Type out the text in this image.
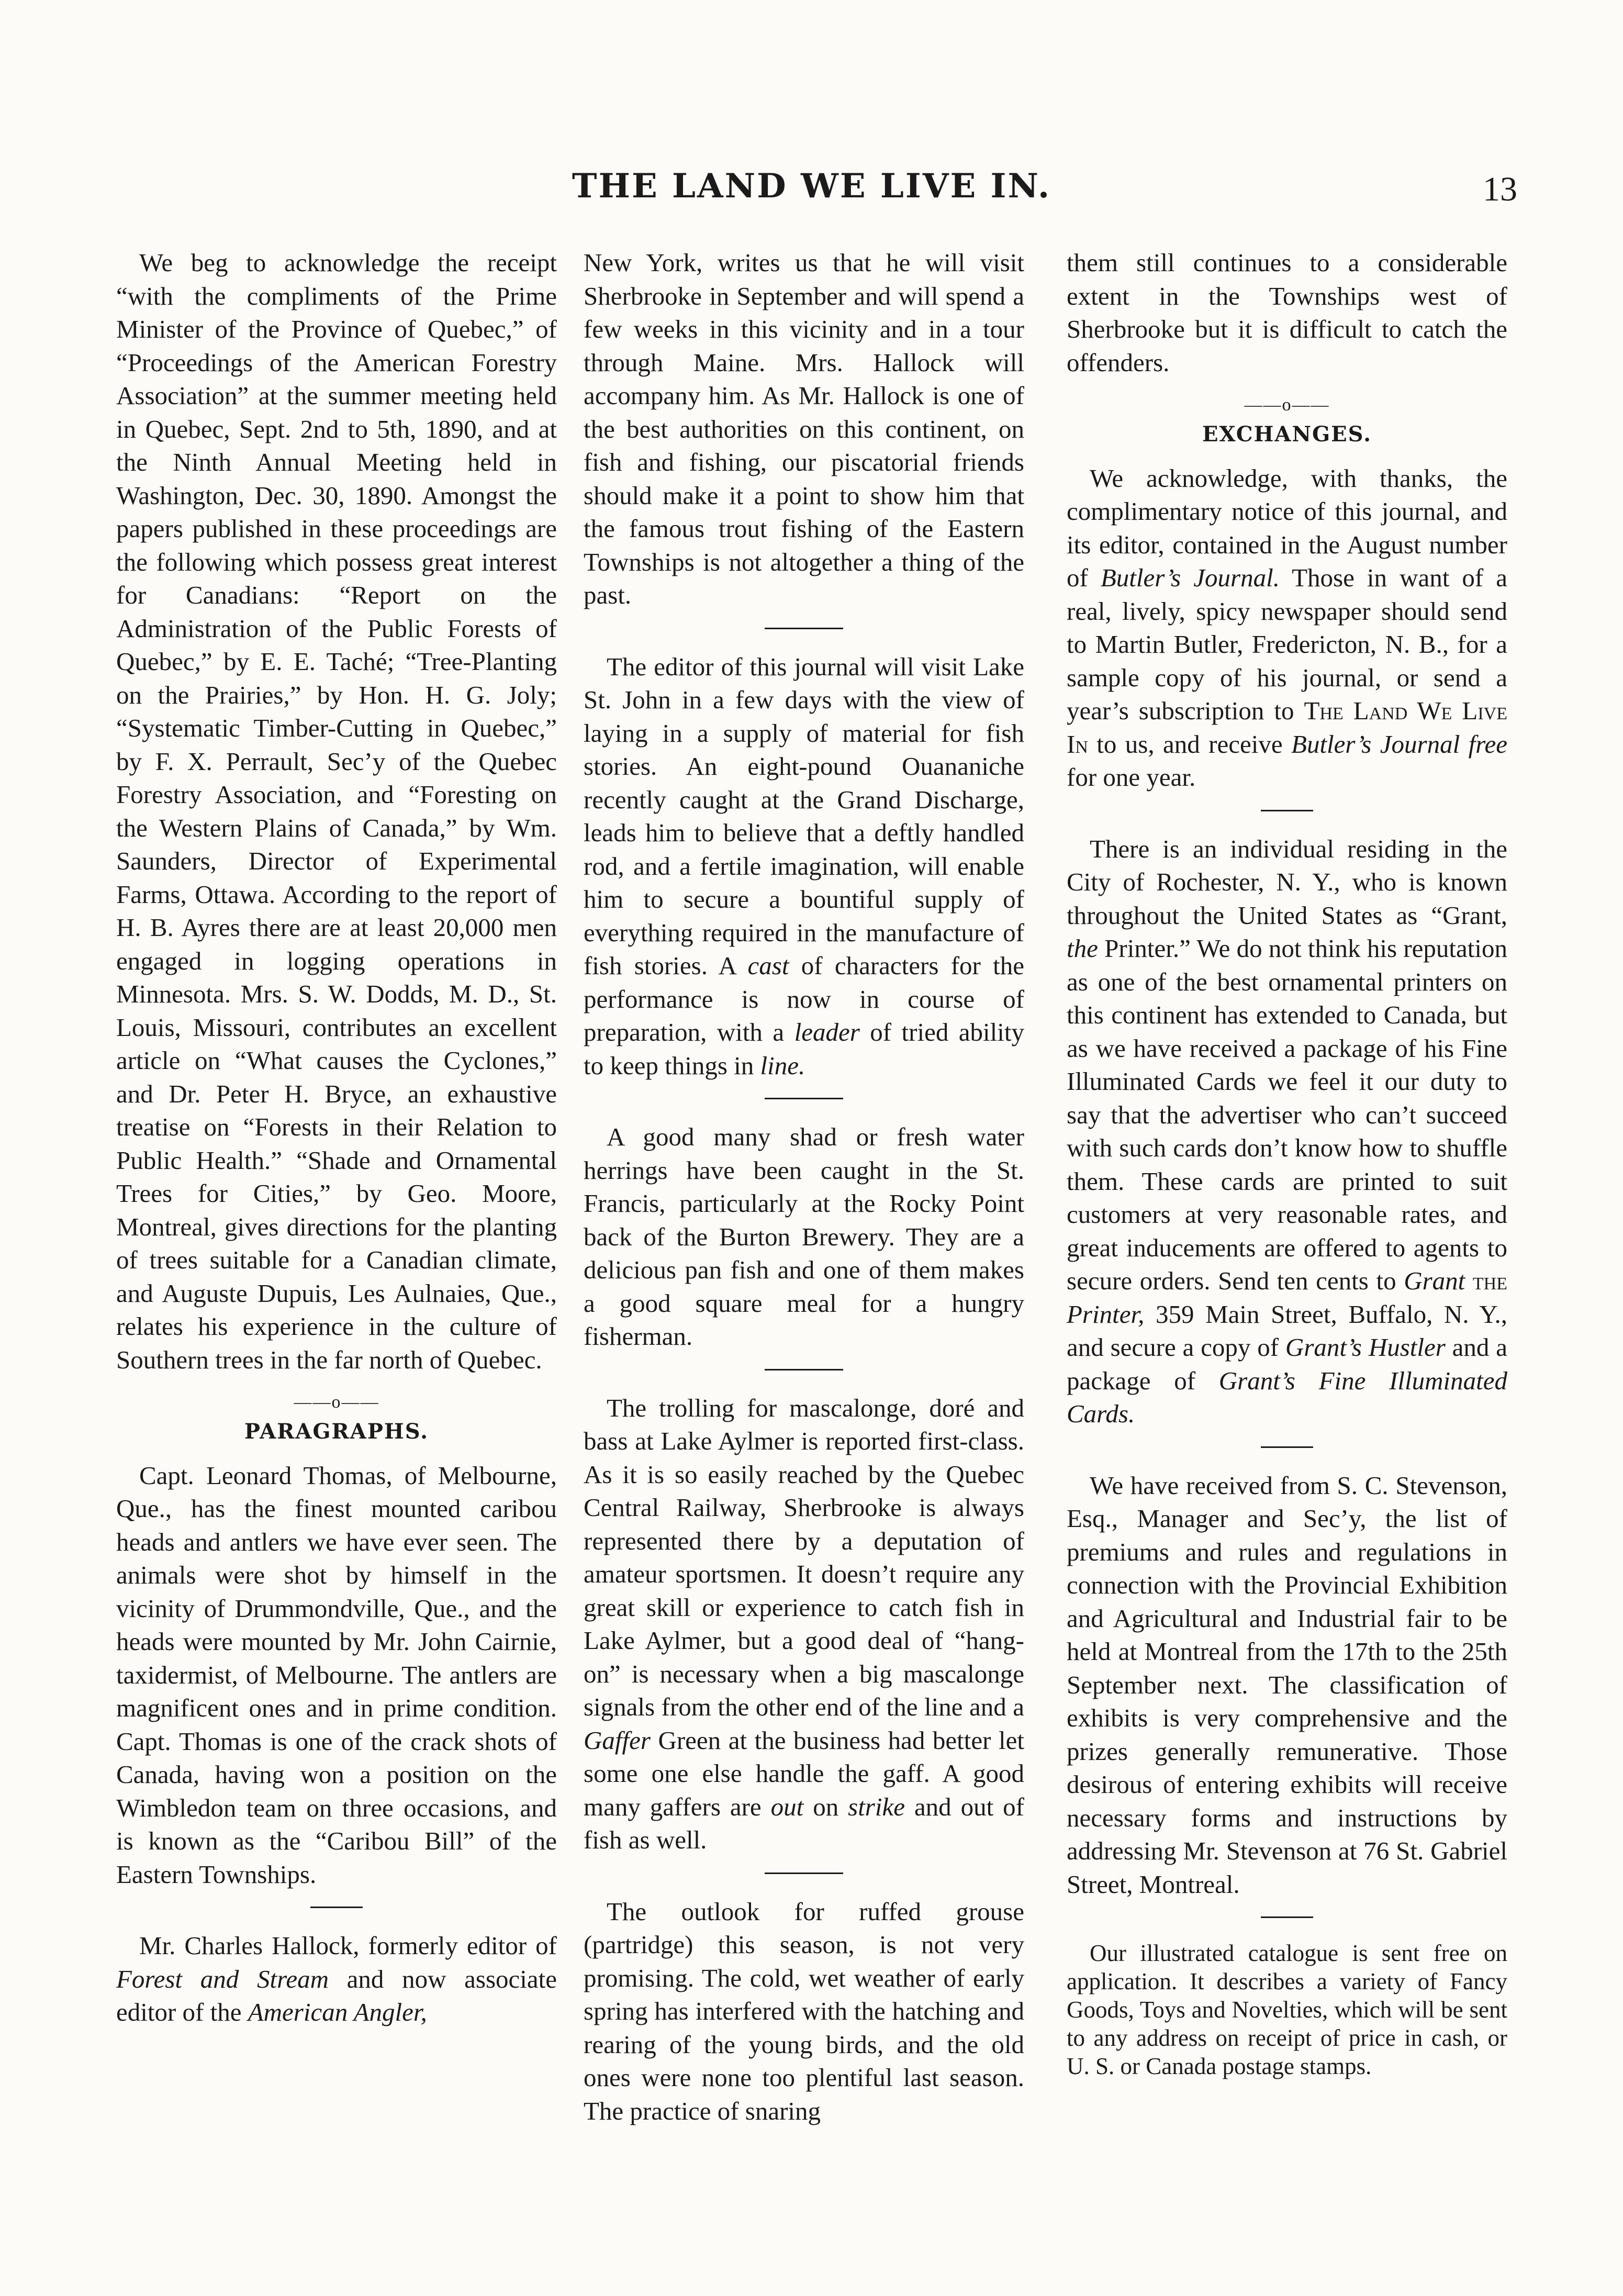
THE LAND WE LIVE IN.	13

We beg to acknowledge the receipt “with the compliments of the Prime Minister of the Province of Quebec,” of “Proceedings of the American Forestry Association” at the summer meeting held in Quebec, Sept. 2nd to 5th, 1890, and at the Ninth Annual Meeting held in Washington, Dec. 30, 1890. Amongst the papers published in these proceedings are the following which possess great interest for Canadians: “Report on the Administration of the Public Forests of Quebec,” by E. E. Taché; “Tree-Planting on the Prairies,” by Hon. H. G. Joly; “Systematic Timber-Cutting in Quebec,” by F. X. Perrault, Sec’y of the Quebec Forestry Association, and “Foresting on the Western Plains of Canada,” by Wm. Saunders, Director of Experimental Farms, Ottawa. According to the report of H. B. Ayres there are at least 20,000 men engaged in logging operations in Minnesota. Mrs. S. W. Dodds, M. D., St. Louis, Missouri, contributes an excellent article on “What causes the Cyclones,” and Dr. Peter H. Bryce, an exhaustive treatise on “Forests in their Relation to Public Health.” “Shade and Ornamental Trees for Cities,” by Geo. Moore, Montreal, gives directions for the planting of trees suitable for a Canadian climate, and Auguste Dupuis, Les Aulnaies, Que., relates his experience in the culture of Southern trees in the far north of Quebec.

——o——
PARAGRAPHS.

Capt. Leonard Thomas, of Melbourne, Que., has the finest mounted caribou heads and antlers we have ever seen. The animals were shot by himself in the vicinity of Drummondville, Que., and the heads were mounted by Mr. John Cairnie, taxidermist, of Melbourne. The antlers are magnificent ones and in prime condition. Capt. Thomas is one of the crack shots of Canada, having won a position on the Wimbledon team on three occasions, and is known as the “Caribou Bill” of the Eastern Townships.

Mr. Charles Hallock, formerly editor of Forest and Stream and now associate editor of the American Angler,

New York, writes us that he will visit Sherbrooke in September and will spend a few weeks in this vicinity and in a tour through Maine. Mrs. Hallock will accompany him. As Mr. Hallock is one of the best authorities on this continent, on fish and fishing, our piscatorial friends should make it a point to show him that the famous trout fishing of the Eastern Townships is not altogether a thing of the past.

The editor of this journal will visit Lake St. John in a few days with the view of laying in a supply of material for fish stories. An eight-pound Ouananiche recently caught at the Grand Discharge, leads him to believe that a deftly handled rod, and a fertile imagination, will enable him to secure a bountiful supply of everything required in the manufacture of fish stories. A cast of characters for the performance is now in course of preparation, with a leader of tried ability to keep things in line.

A good many shad or fresh water herrings have been caught in the St. Francis, particularly at the Rocky Point back of the Burton Brewery. They are a delicious pan fish and one of them makes a good square meal for a hungry fisherman.

The trolling for mascalonge, doré and bass at Lake Aylmer is reported first-class. As it is so easily reached by the Quebec Central Railway, Sherbrooke is always represented there by a deputation of amateur sportsmen. It doesn’t require any great skill or experience to catch fish in Lake Aylmer, but a good deal of “hang-on” is necessary when a big mascalonge signals from the other end of the line and a Gaffer Green at the business had better let some one else handle the gaff. A good many gaffers are out on strike and out of fish as well.

The outlook for ruffed grouse (partridge) this season, is not very promising. The cold, wet weather of early spring has interfered with the hatching and rearing of the young birds, and the old ones were none too plentiful last season. The practice of snaring

them still continues to a considerable extent in the Townships west of Sherbrooke but it is difficult to catch the offenders.

——o——
EXCHANGES.

We acknowledge, with thanks, the complimentary notice of this journal, and its editor, contained in the August number of Butler’s Journal. Those in want of a real, lively, spicy newspaper should send to Martin Butler, Fredericton, N. B., for a sample copy of his journal, or send a year’s subscription to The Land We Live In to us, and receive Butler’s Journal free for one year.

There is an individual residing in the City of Rochester, N. Y., who is known throughout the United States as “Grant, the Printer.” We do not think his reputation as one of the best ornamental printers on this continent has extended to Canada, but as we have received a package of his Fine Illuminated Cards we feel it our duty to say that the advertiser who can’t succeed with such cards don’t know how to shuffle them. These cards are printed to suit customers at very reasonable rates, and great inducements are offered to agents to secure orders. Send ten cents to Grant the Printer, 359 Main Street, Buffalo, N. Y., and secure a copy of Grant’s Hustler and a package of Grant’s Fine Illuminated Cards.

We have received from S. C. Stevenson, Esq., Manager and Sec’y, the list of premiums and rules and regulations in connection with the Provincial Exhibition and Agricultural and Industrial fair to be held at Montreal from the 17th to the 25th September next. The classification of exhibits is very comprehensive and the prizes generally remunerative. Those desirous of entering exhibits will receive necessary forms and instructions by addressing Mr. Stevenson at 76 St. Gabriel Street, Montreal.

Our illustrated catalogue is sent free on application. It describes a variety of Fancy Goods, Toys and Novelties, which will be sent to any address on receipt of price in cash, or U. S. or Canada postage stamps.
